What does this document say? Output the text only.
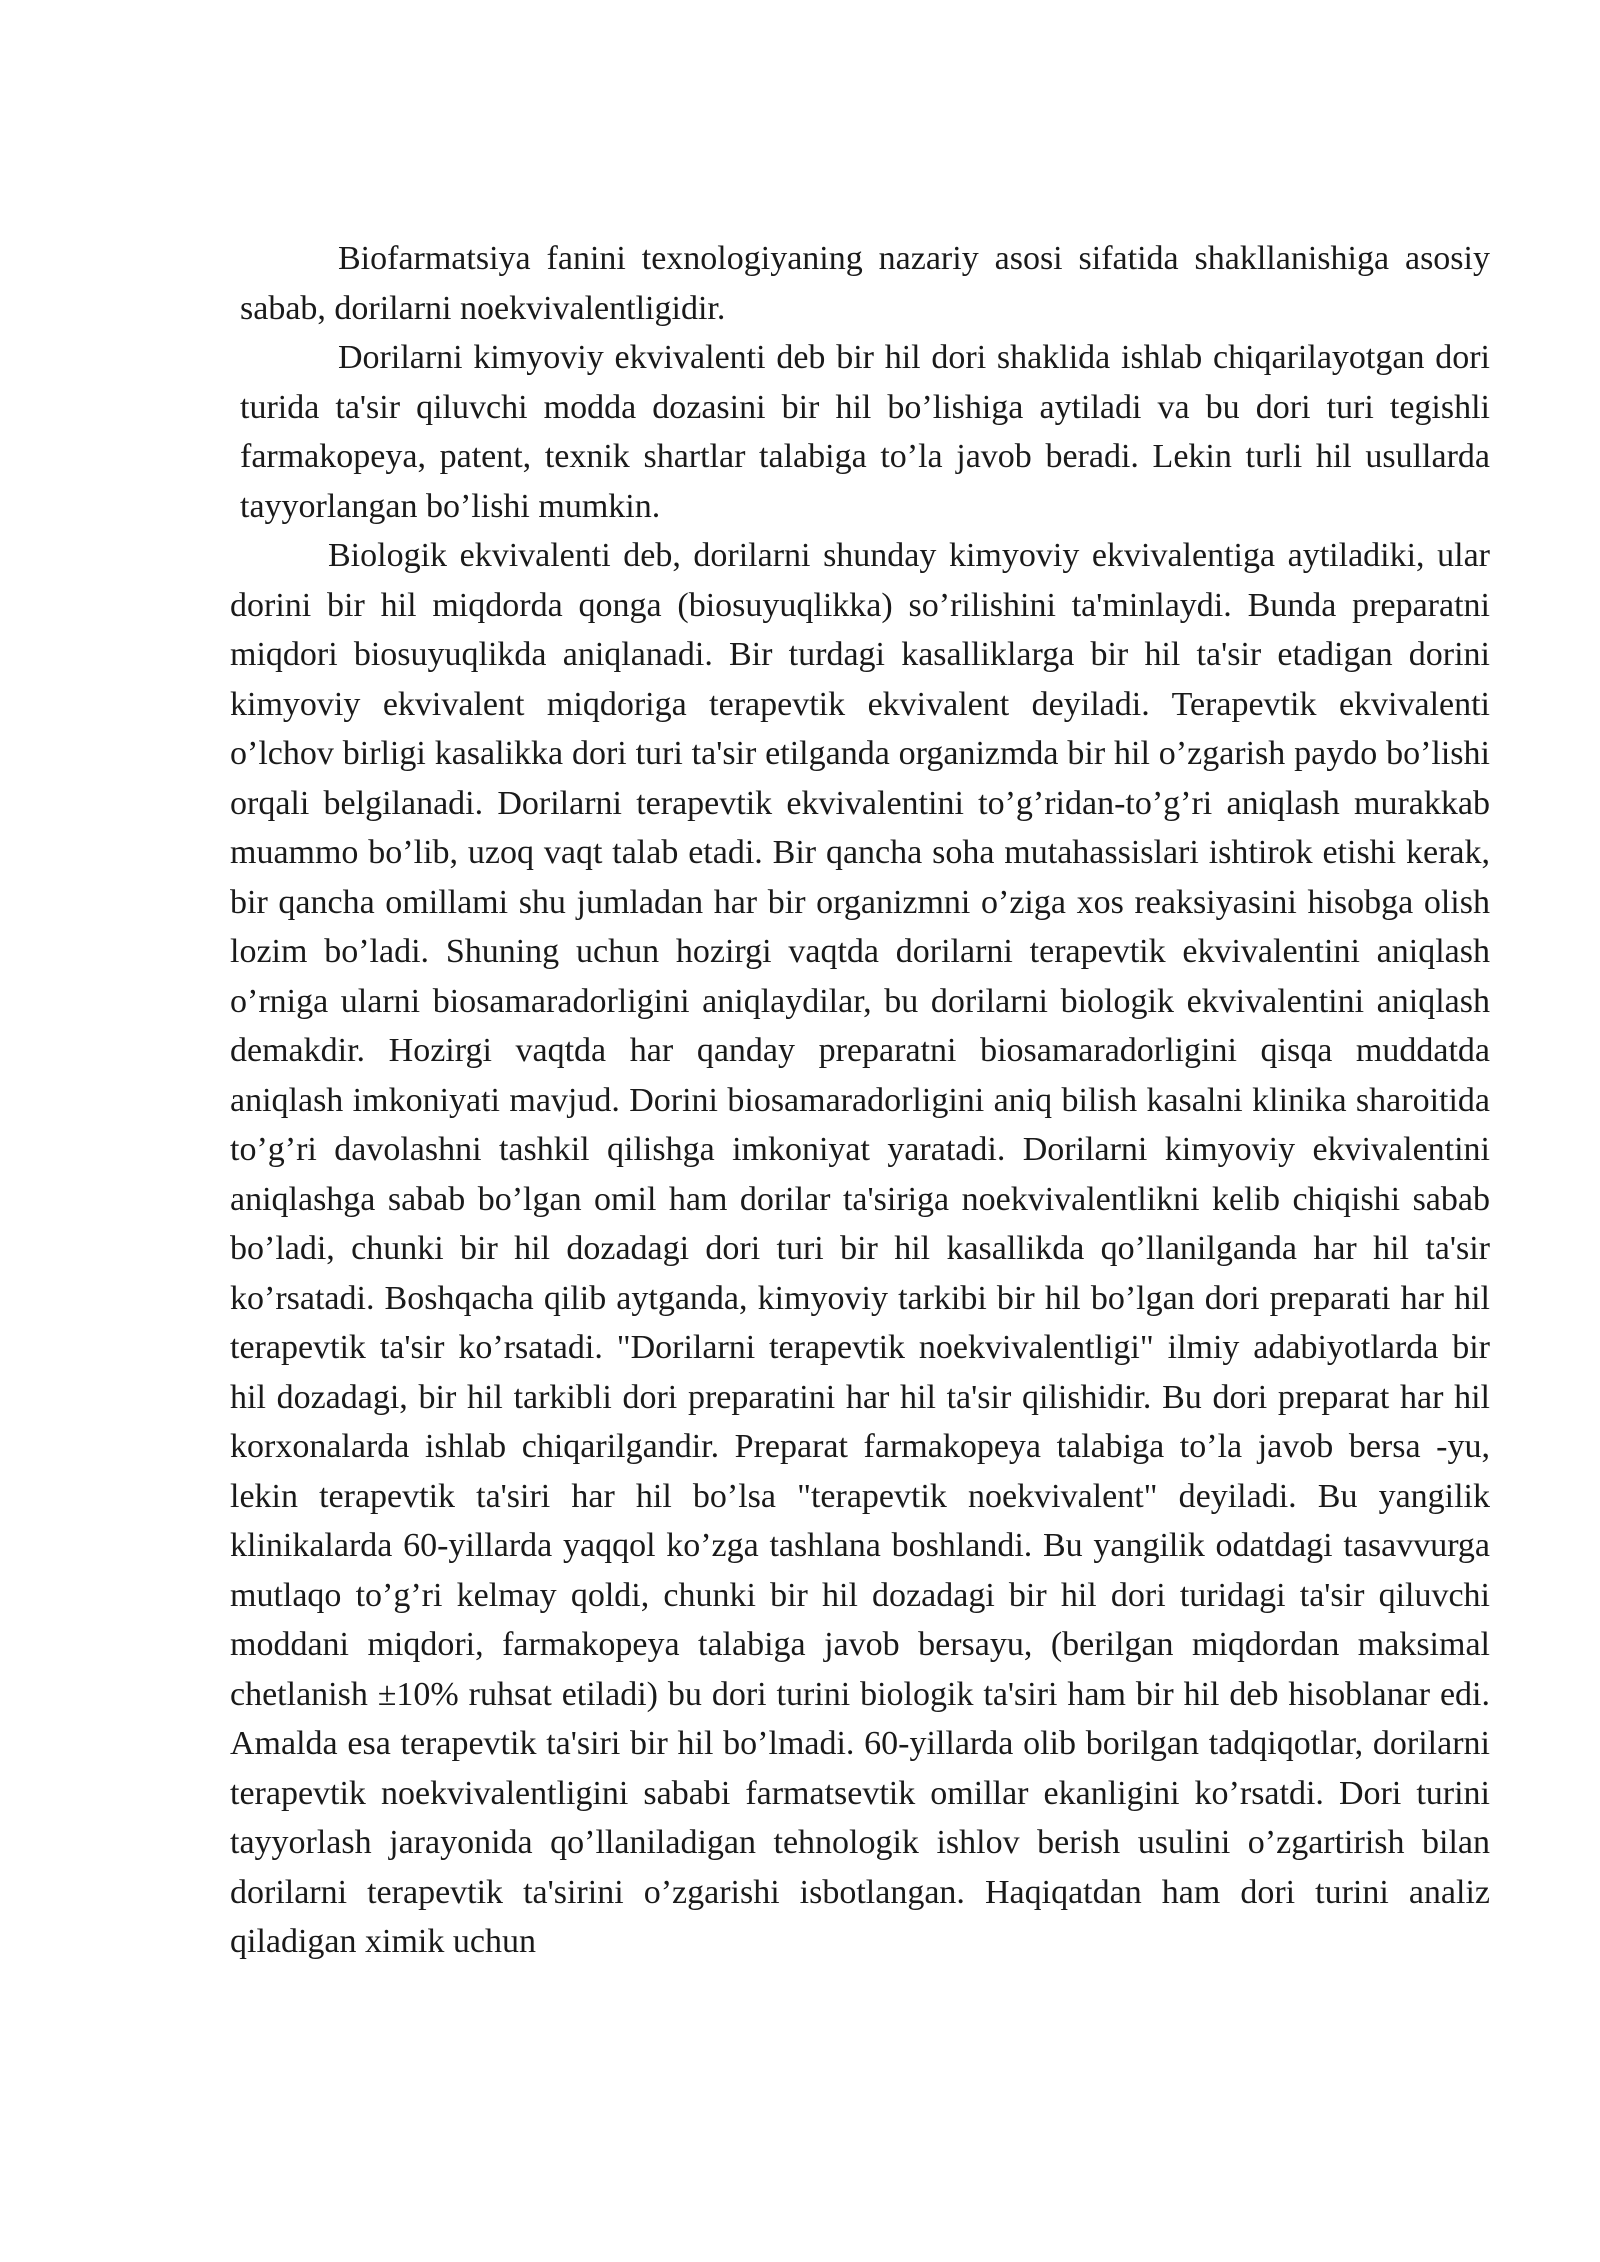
Biofarmatsiya fanini texnologiyaning nazariy asosi sifatida shakllanishiga asosiy sabab, dorilarni noekvivalentligidir.

Dorilarni kimyoviy ekvivalenti deb bir hil dori shaklida ishlab chiqarilayotgan dori turida ta'sir qiluvchi modda dozasini bir hil bo’lishiga aytiladi va bu dori turi tegishli farmakopeya, patent, texnik shartlar talabiga to’la javob beradi. Lekin turli hil usullarda tayyorlangan bo’lishi mumkin.

Biologik ekvivalenti deb, dorilarni shunday kimyoviy ekvivalentiga aytiladiki, ular dorini bir hil miqdorda qonga (biosuyuqlikka) so’rilishini ta'minlaydi. Bunda preparatni miqdori biosuyuqlikda aniqlanadi. Bir turdagi kasalliklarga bir hil ta'sir etadigan dorini kimyoviy ekvivalent miqdoriga terapevtik ekvivalent deyiladi. Terapevtik ekvivalenti o’lchov birligi kasalikka dori turi ta'sir etilganda organizmda bir hil o’zgarish paydo bo’lishi orqali belgilanadi. Dorilarni terapevtik ekvivalentini to’g’ridan-to’g’ri aniqlash murakkab muammo bo’lib, uzoq vaqt talab etadi. Bir qancha soha mutahassislari ishtirok etishi kerak, bir qancha omillami shu jumladan har bir organizmni o’ziga xos reaksiyasini hisobga olish lozim bo’ladi. Shuning uchun hozirgi vaqtda dorilarni terapevtik ekvivalentini aniqlash o’rniga ularni biosamaradorligini aniqlaydilar, bu dorilarni biologik ekvivalentini aniqlash demakdir. Hozirgi vaqtda har qanday preparatni biosamaradorligini qisqa muddatda aniqlash imkoniyati mavjud. Dorini biosamaradorligini aniq bilish kasalni klinika sharoitida to’g’ri davolashni tashkil qilishga imkoniyat yaratadi. Dorilarni kimyoviy ekvivalentini aniqlashga sabab bo’lgan omil ham dorilar ta'siriga noekvivalentlikni kelib chiqishi sabab bo’ladi, chunki bir hil dozadagi dori turi bir hil kasallikda qo’llanilganda har hil ta'sir ko’rsatadi. Boshqacha qilib aytganda, kimyoviy tarkibi bir hil bo’lgan dori preparati har hil terapevtik ta'sir ko’rsatadi. "Dorilarni terapevtik noekvivalentligi" ilmiy adabiyotlarda bir hil dozadagi, bir hil tarkibli dori preparatini har hil ta'sir qilishidir. Bu dori preparat har hil korxonalarda ishlab chiqarilgandir. Preparat farmakopeya talabiga to’la javob bersa -yu, lekin terapevtik ta'siri har hil bo’lsa "terapevtik noekvivalent" deyiladi. Bu yangilik klinikalarda 60-yillarda yaqqol ko’zga tashlana boshlandi. Bu yangilik odatdagi tasavvurga mutlaqo to’g’ri kelmay qoldi, chunki bir hil dozadagi bir hil dori turidagi ta'sir qiluvchi moddani miqdori, farmakopeya talabiga javob bersayu, (berilgan miqdordan maksimal chetlanish ±10% ruhsat etiladi) bu dori turini biologik ta'siri ham bir hil deb hisoblanar edi. Amalda esa terapevtik ta'siri bir hil bo’lmadi. 60-yillarda olib borilgan tadqiqotlar, dorilarni terapevtik noekvivalentligini sababi farmatsevtik omillar ekanligini ko’rsatdi. Dori turini tayyorlash jarayonida qo’llaniladigan tehnologik ishlov berish usulini o’zgartirish bilan dorilarni terapevtik ta'sirini o’zgarishi isbotlangan. Haqiqatdan ham dori turini analiz qiladigan ximik uchun
